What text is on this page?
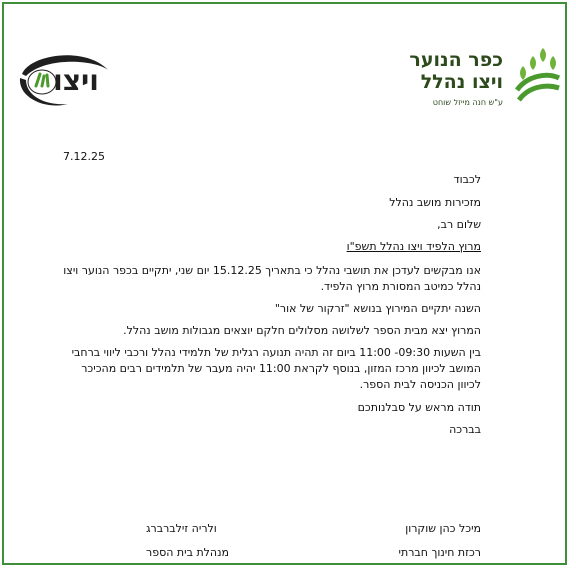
ויצו
כפר הנוער
ויצו נהלל
ע"ש חנה מייזל שוחט
7.12.25

לכבוד

מזכירות מושב נהלל

שלום רב,

מרוץ הלפיד ויצו נהלל תשפ"ו

אנו מבקשים לעדכן את תושבי נהלל כי בתאריך 15.12.25 יום שני, יתקיים בכפר הנוער ויצו נהלל כמיטב המסורת מרוץ הלפיד.

השנה יתקיים המירוץ בנושא "זרקור של אור"

המרוץ יצא מבית הספר לשלושה מסלולים חלקם יוצאים מגבולות מושב נהלל.

בין השעות 09:30- 11:00 ביום זה תהיה תנועה רגלית של תלמידי נהלל ורכבי ליווי ברחבי המושב לכיוון מרכז המזון, בנוסף לקראת 11:00 יהיה מעבר של תלמידים רבים מהכיכר לכיוון הכניסה לבית הספר.

תודה מראש על סבלנותכם

בברכה

מיכל כהן שוקרון
רכזת חינוך חברתי
ולריה זילברברג
מנהלת בית הספר
